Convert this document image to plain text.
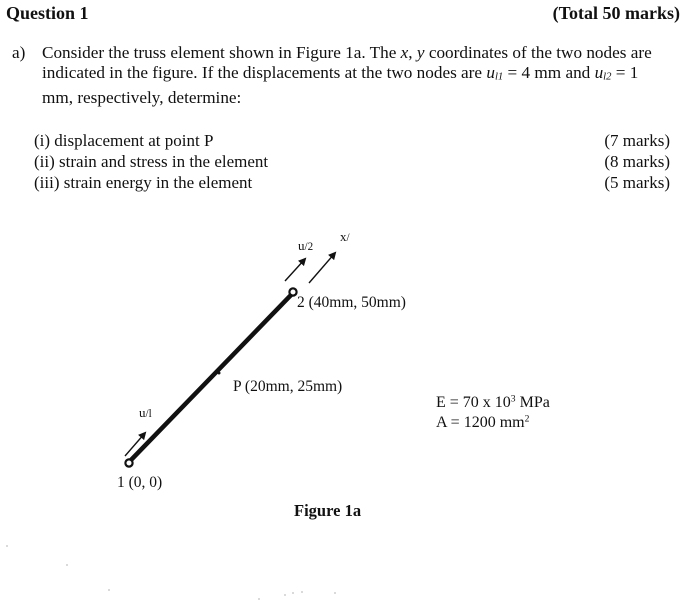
Question 1	(Total 50 marks)
a) Consider the truss element shown in Figure 1a. The x, y coordinates of the two nodes are
indicated in the figure. If the displacements at the two nodes are ul1 = 4 mm and ul2 = 1
mm, respectively, determine:
(i) displacement at point P
(ii) strain and stress in the element
(iii) strain energy in the element
(7 marks)
(8 marks)
(5 marks)
u/l
u/2
x/
2 (40mm, 50mm)
P (20mm, 25mm)
1 (0, 0)
E = 70 x $10^3$ MPa
A = 1200 $mm^2$
Figure 1a
